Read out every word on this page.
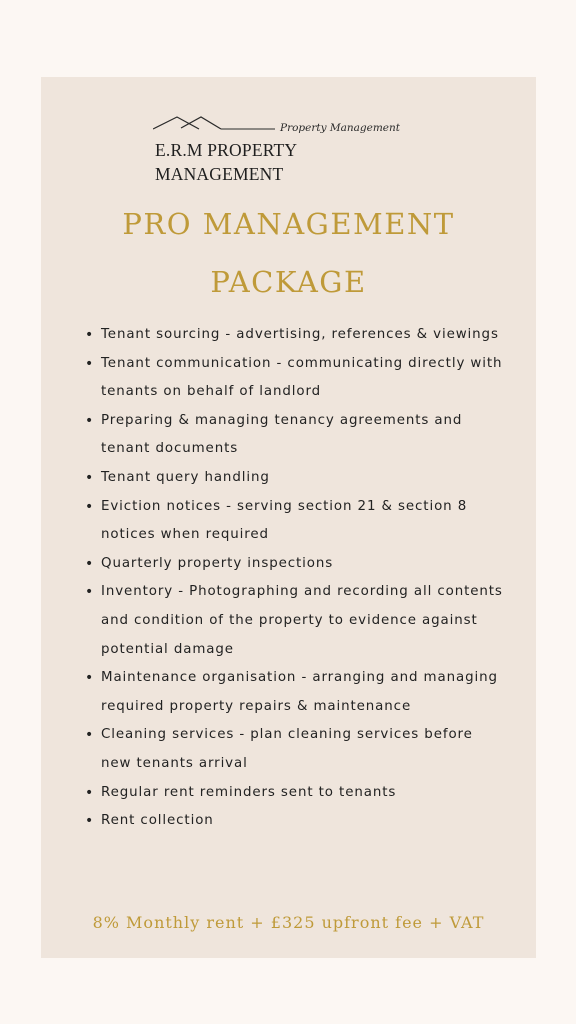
Property Management
E.R.M PROPERTY
MANAGEMENT
PRO MANAGEMENT
PACKAGE
• Tenant sourcing - advertising, references & viewings
• Tenant communication - communicating directly with tenants on behalf of landlord
• Preparing & managing tenancy agreements and tenant documents
• Tenant query handling
• Eviction notices - serving section 21 & section 8 notices when required
• Quarterly property inspections
• Inventory - Photographing and recording all contents and condition of the property to evidence against potential damage
• Maintenance organisation - arranging and managing required property repairs & maintenance
• Cleaning services - plan cleaning services before new tenants arrival
• Regular rent reminders sent to tenants
• Rent collection
8% Monthly rent + £325 upfront fee + VAT
